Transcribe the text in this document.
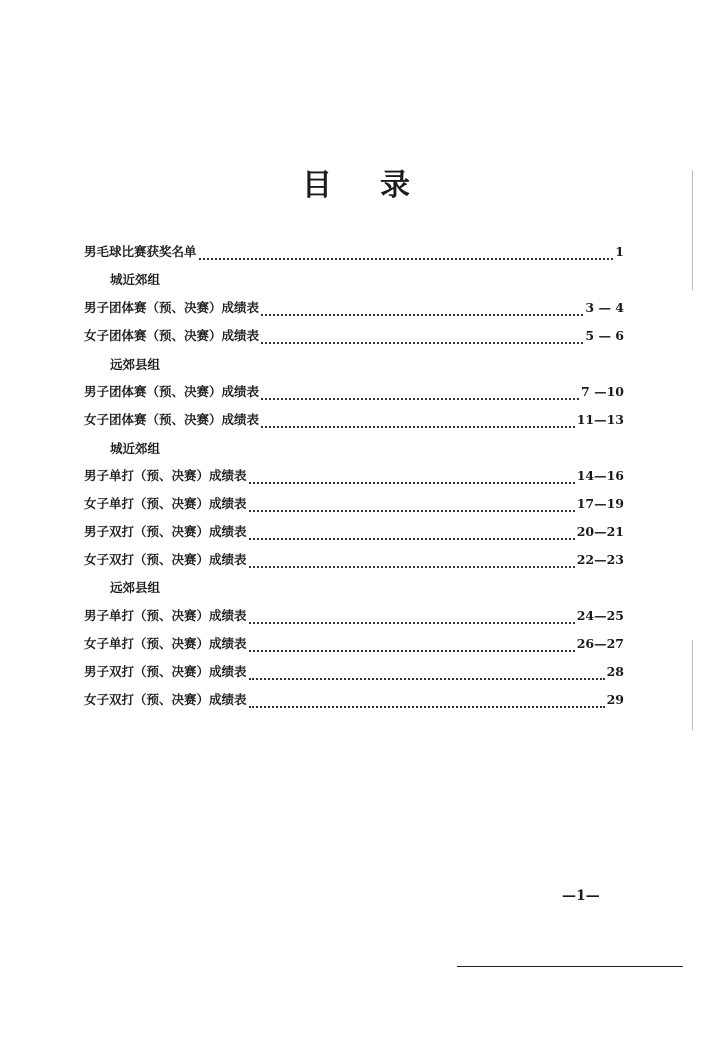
目 录
男毛球比赛获奖名单	1
城近郊组
男子团体赛（预、决赛）成绩表	3 — 4
女子团体赛（预、决赛）成绩表	5 — 6
远郊县组
男子团体赛（预、决赛）成绩表	7 —10
女子团体赛（预、决赛）成绩表	11—13
城近郊组
男子单打（预、决赛）成绩表	14—16
女子单打（预、决赛）成绩表	17—19
男子双打（预、决赛）成绩表	20—21
女子双打（预、决赛）成绩表	22—23
远郊县组
男子单打（预、决赛）成绩表	24—25
女子单打（预、决赛）成绩表	26—27
男子双打（预、决赛）成绩表	28
女子双打（预、决赛）成绩表	29
—1—
